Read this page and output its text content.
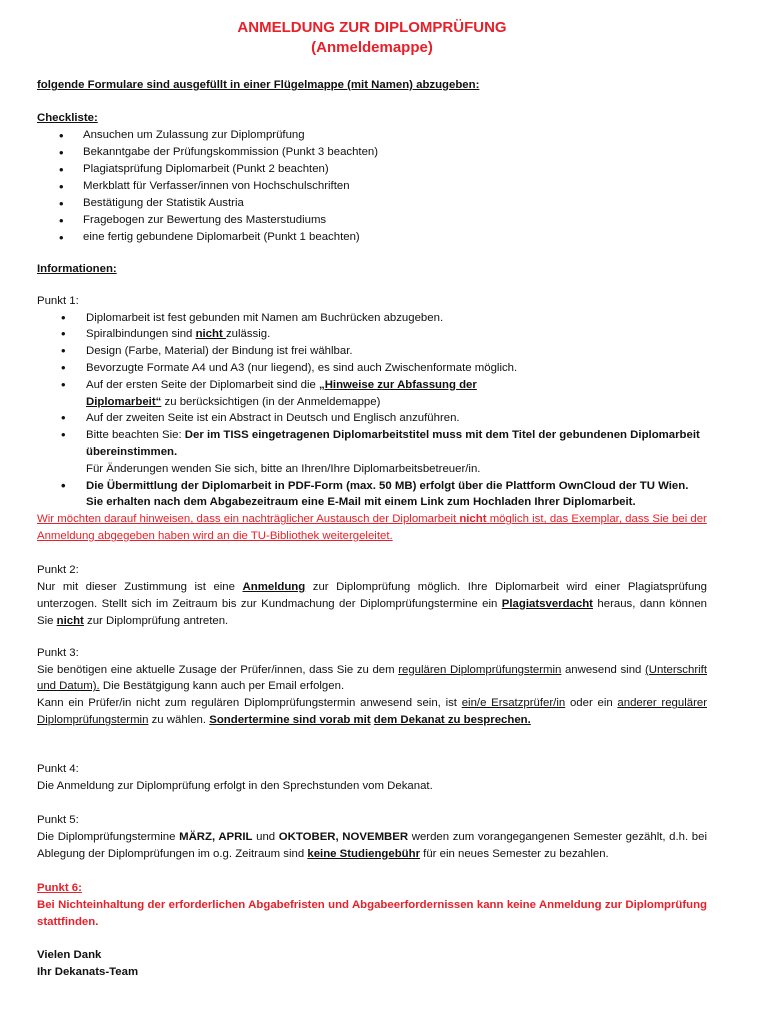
ANMELDUNG ZUR DIPLOMPRÜFUNG
(Anmeldemappe)

folgende Formulare sind ausgefüllt in einer Flügelmappe (mit Namen) abzugeben:

Checkliste:

• Ansuchen um Zulassung zur Diplomprüfung
• Bekanntgabe der Prüfungskommission (Punkt 3 beachten)
• Plagiatsprüfung Diplomarbeit (Punkt 2 beachten)
• Merkblatt für Verfasser/innen von Hochschulschriften
• Bestätigung der Statistik Austria
• Fragebogen zur Bewertung des Masterstudiums
• eine fertig gebundene Diplomarbeit (Punkt 1 beachten)

Informationen:

Punkt 1:

• Diplomarbeit ist fest gebunden mit Namen am Buchrücken abzugeben.
• Spiralbindungen sind nicht zulässig.
• Design (Farbe, Material) der Bindung ist frei wählbar.
• Bevorzugte Formate A4 und A3 (nur liegend), es sind auch Zwischenformate möglich.
• Auf der ersten Seite der Diplomarbeit sind die „Hinweise zur Abfassung der Diplomarbeit“ zu berücksichtigen (in der Anmeldemappe)
• Auf der zweiten Seite ist ein Abstract in Deutsch und Englisch anzuführen.
• Bitte beachten Sie: Der im TISS eingetragenen Diplomarbeitstitel muss mit dem Titel der gebundenen Diplomarbeit übereinstimmen.
Für Änderungen wenden Sie sich, bitte an Ihren/Ihre Diplomarbeitsbetreuer/in.
• Die Übermittlung der Diplomarbeit in PDF-Form (max. 50 MB) erfolgt über die Plattform OwnCloud der TU Wien. Sie erhalten nach dem Abgabezeitraum eine E-Mail mit einem Link zum Hochladen Ihrer Diplomarbeit.

Wir möchten darauf hinweisen, dass ein nachträglicher Austausch der Diplomarbeit nicht möglich ist, das Exemplar, dass Sie bei der Anmeldung abgegeben haben wird an die TU-Bibliothek weitergeleitet.

Punkt 2:

Nur mit dieser Zustimmung ist eine Anmeldung zur Diplomprüfung möglich. Ihre Diplomarbeit wird einer Plagiatsprüfung unterzogen. Stellt sich im Zeitraum bis zur Kundmachung der Diplomprüfungstermine ein Plagiatsverdacht heraus, dann können Sie nicht zur Diplomprüfung antreten.

Punkt 3:

Sie benötigen eine aktuelle Zusage der Prüfer/innen, dass Sie zu dem regulären Diplomprüfungstermin anwesend sind (Unterschrift und Datum). Die Bestätgigung kann auch per Email erfolgen.

Kann ein Prüfer/in nicht zum regulären Diplomprüfungstermin anwesend sein, ist ein/e Ersatzprüfer/in oder ein anderer regulärer Diplomprüfungstermin zu wählen. Sondertermine sind vorab mit dem Dekanat zu besprechen.

Punkt 4:

Die Anmeldung zur Diplomprüfung erfolgt in den Sprechstunden vom Dekanat.

Punkt 5:

Die Diplomprüfungstermine MÄRZ, APRIL und OKTOBER, NOVEMBER werden zum vorangegangenen Semester gezählt, d.h. bei Ablegung der Diplomprüfungen im o.g. Zeitraum sind keine Studiengebühr für ein neues Semester zu bezahlen.

Punkt 6:

Bei Nichteinhaltung der erforderlichen Abgabefristen und Abgabeerfordernissen kann keine Anmeldung zur Diplomprüfung stattfinden.

Vielen Dank

Ihr Dekanats-Team
